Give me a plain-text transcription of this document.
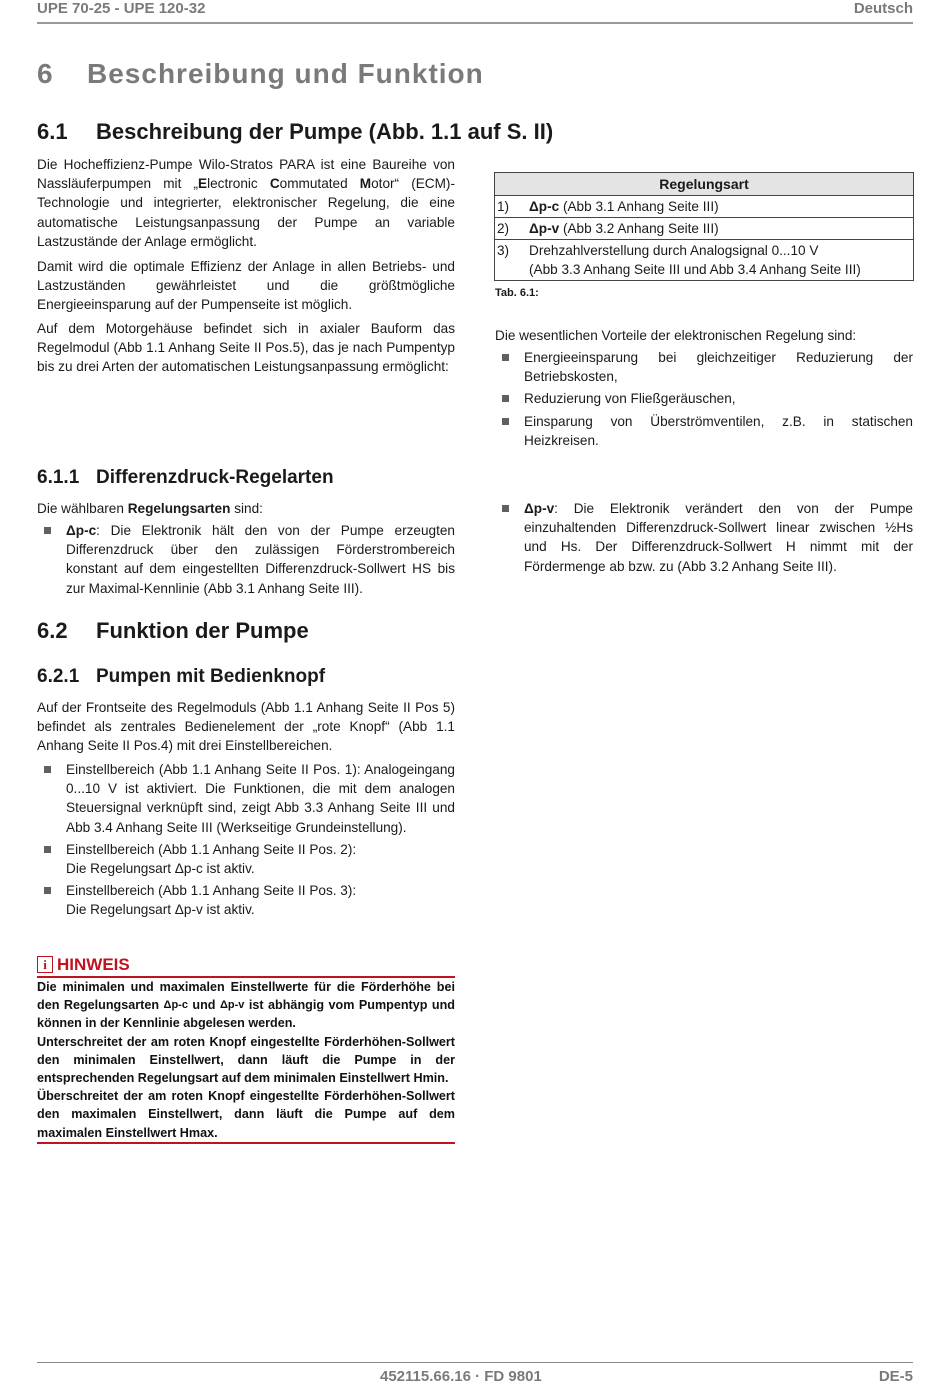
UPE 70-25 - UPE 120-32	Deutsch
6 Beschreibung und Funktion
6.1 Beschreibung der Pumpe (Abb. 1.1 auf S. II)
Die Hocheffizienz-Pumpe Wilo-Stratos PARA ist eine Baureihe von Nassläuferpumpen mit „Electronic Commutated Motor“ (ECM)-Technologie und integrierter, elektronischer Regelung, die eine automatische Leistungsanpassung der Pumpe an variable Lastzustände der Anlage ermöglicht.
Damit wird die optimale Effizienz der Anlage in allen Betriebs- und Lastzuständen gewährleistet und die größtmögliche Energieeinsparung auf der Pumpenseite ist möglich.
Auf dem Motorgehäuse befindet sich in axialer Bauform das Regelmodul (Abb 1.1 Anhang Seite II Pos.5), das je nach Pumpentyp bis zu drei Arten der automatischen Leistungsanpassung ermöglicht:
Regelungsart
1) Δp-c (Abb 3.1 Anhang Seite III)
2) Δp-v (Abb 3.2 Anhang Seite III)
3) Drehzahlverstellung durch Analogsignal 0...10 V
(Abb 3.3 Anhang Seite III und Abb 3.4 Anhang Seite III)
Tab. 6.1:
Die wesentlichen Vorteile der elektronischen Regelung sind:
Energieeinsparung bei gleichzeitiger Reduzierung der Betriebskosten,
Reduzierung von Fließgeräuschen,
Einsparung von Überströmventilen, z.B. in statischen Heizkreisen.
6.1.1 Differenzdruck-Regelarten
Die wählbaren Regelungsarten sind:
Δp-c: Die Elektronik hält den von der Pumpe erzeugten Differenzdruck über den zulässigen Förderstrombereich konstant auf dem eingestellten Differenzdruck-Sollwert HS bis zur Maximal-Kennlinie (Abb 3.1 Anhang Seite III).
Δp-v: Die Elektronik verändert den von der Pumpe einzuhaltenden Differenzdruck-Sollwert linear zwischen ½Hs und Hs. Der Differenzdruck-Sollwert H nimmt mit der Fördermenge ab bzw. zu (Abb 3.2 Anhang Seite III).
6.2 Funktion der Pumpe
6.2.1 Pumpen mit Bedienknopf
Auf der Frontseite des Regelmoduls (Abb 1.1 Anhang Seite II Pos 5) befindet als zentrales Bedienelement der „rote Knopf“ (Abb 1.1 Anhang Seite II Pos.4) mit drei Einstellbereichen.
Einstellbereich (Abb 1.1 Anhang Seite II Pos. 1): Analogeingang 0...10 V ist aktiviert. Die Funktionen, die mit dem analogen Steuersignal verknüpft sind, zeigt Abb 3.3 Anhang Seite III und Abb 3.4 Anhang Seite III (Werkseitige Grundeinstellung).
Einstellbereich (Abb 1.1 Anhang Seite II Pos. 2):
Die Regelungsart Δp-c ist aktiv.
Einstellbereich (Abb 1.1 Anhang Seite II Pos. 3):
Die Regelungsart Δp-v ist aktiv.
i HINWEIS
Die minimalen und maximalen Einstellwerte für die Förderhöhe bei den Regelungsarten Δp-c und Δp-v ist abhängig vom Pumpentyp und können in der Kennlinie abgelesen werden.
Unterschreitet der am roten Knopf eingestellte Förderhöhen-Sollwert den minimalen Einstellwert, dann läuft die Pumpe in der entsprechenden Regelungsart auf dem minimalen Einstellwert Hmin.
Überschreitet der am roten Knopf eingestellte Förderhöhen-Sollwert den maximalen Einstellwert, dann läuft die Pumpe auf dem maximalen Einstellwert Hmax.
452115.66.16 · FD 9801	DE-5
